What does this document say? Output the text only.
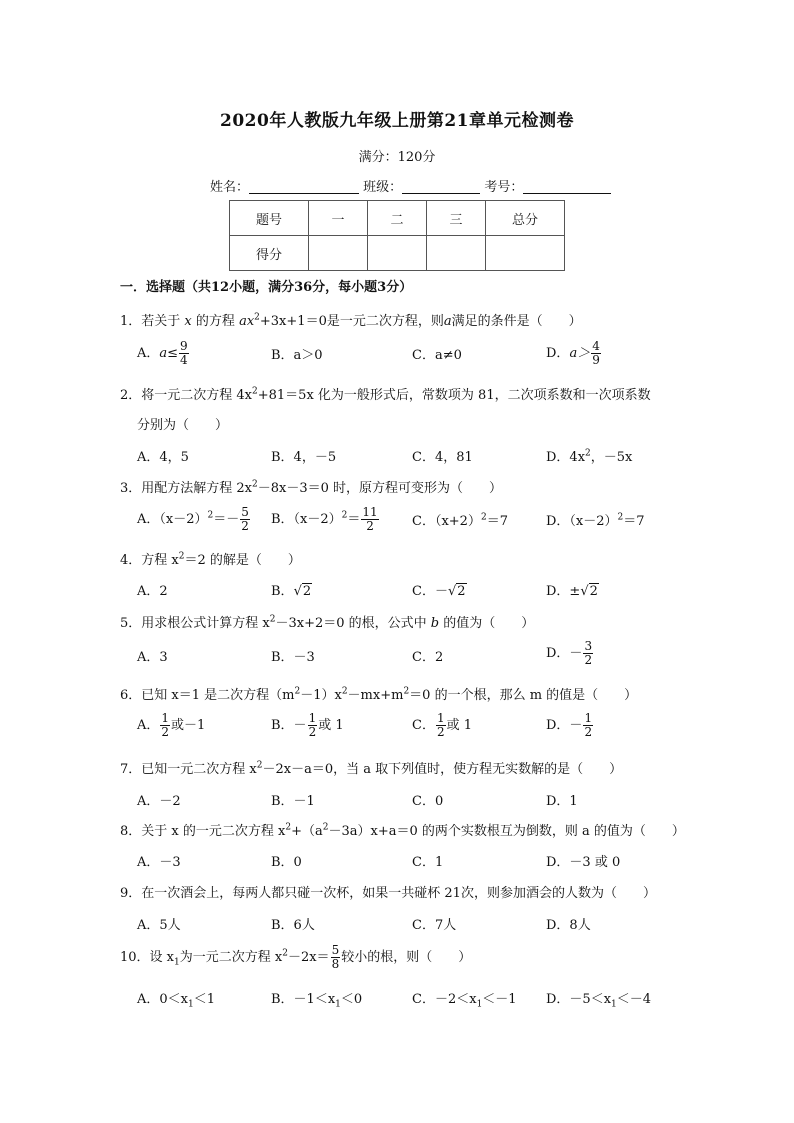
2020年人教版九年级上册第21章单元检测卷
满分：120分
姓名：	班级：	考号：
题号	一	二	三	总分
得分				
一．选择题（共12小题，满分36分，每小题3分）
1．若关于 x 的方程 $ax^2+3x+1=0$是一元二次方程，则a满足的条件是（　　）
A．$a\le \frac{9}{4}$	B．a＞0	C．a≠0	D．$a> \frac{4}{9}$
2．将一元二次方程 $4x^2+81=5x$ 化为一般形式后，常数项为 81，二次项系数和一次项系数
分别为（　　）
A．4，5	B．4，－5	C．4，81	D．$4x^2$，－5x
3．用配方法解方程 $2x^2-8x-3=0$ 时，原方程可变形为（　　）
A．$(x-2)^2=- \frac{5}{2}$ B．$(x-2)^2= \frac{11}{2}$	C．$(x+2)^2=7$	D．$(x-2)^2=7$
4．方程 $x^2=2$ 的解是（　　）
A．2	B．√2	C．－√2	D．±√2
5．用求根公式计算方程 $x^2-3x+2=0$ 的根，公式中 b 的值为（　　）
A．3	B．－3	C．2	D．－ $\frac{3}{2}$
6．已知 x＝1 是二次方程$(m^2-1)x^2-mx+m^2=0$ 的一个根，那么 m 的值是（　　）
A． $\frac{1}{2}$ 或－1	B．－ $\frac{1}{2}$ 或 1	C． $\frac{1}{2}$ 或 1	D．－ $\frac{1}{2}$
7．已知一元二次方程 $x^2-2x-a=0$，当 a 取下列值时，使方程无实数解的是（　　）
A．－2	B．－1	C．0	D．1
8．关于 x 的一元二次方程 $x^2+(a^2-3a)x+a=0$ 的两个实数根互为倒数，则 a 的值为（　　）
A．－3	B．0	C．1	D．－3 或 0
9．在一次酒会上，每两人都只碰一次杯，如果一共碰杯 21次，则参加酒会的人数为（　　）
A．5人	B．6人	C．7人	D．8人
10．设 $x_1$为一元二次方程 $x^2-2x= \frac{5}{8}$ 较小的根，则（　　）
A．$0<x_1<1$	B．$-1<x_1<0$	C．$-2<x_1<-1$ D．$-5<x_1<-4$
